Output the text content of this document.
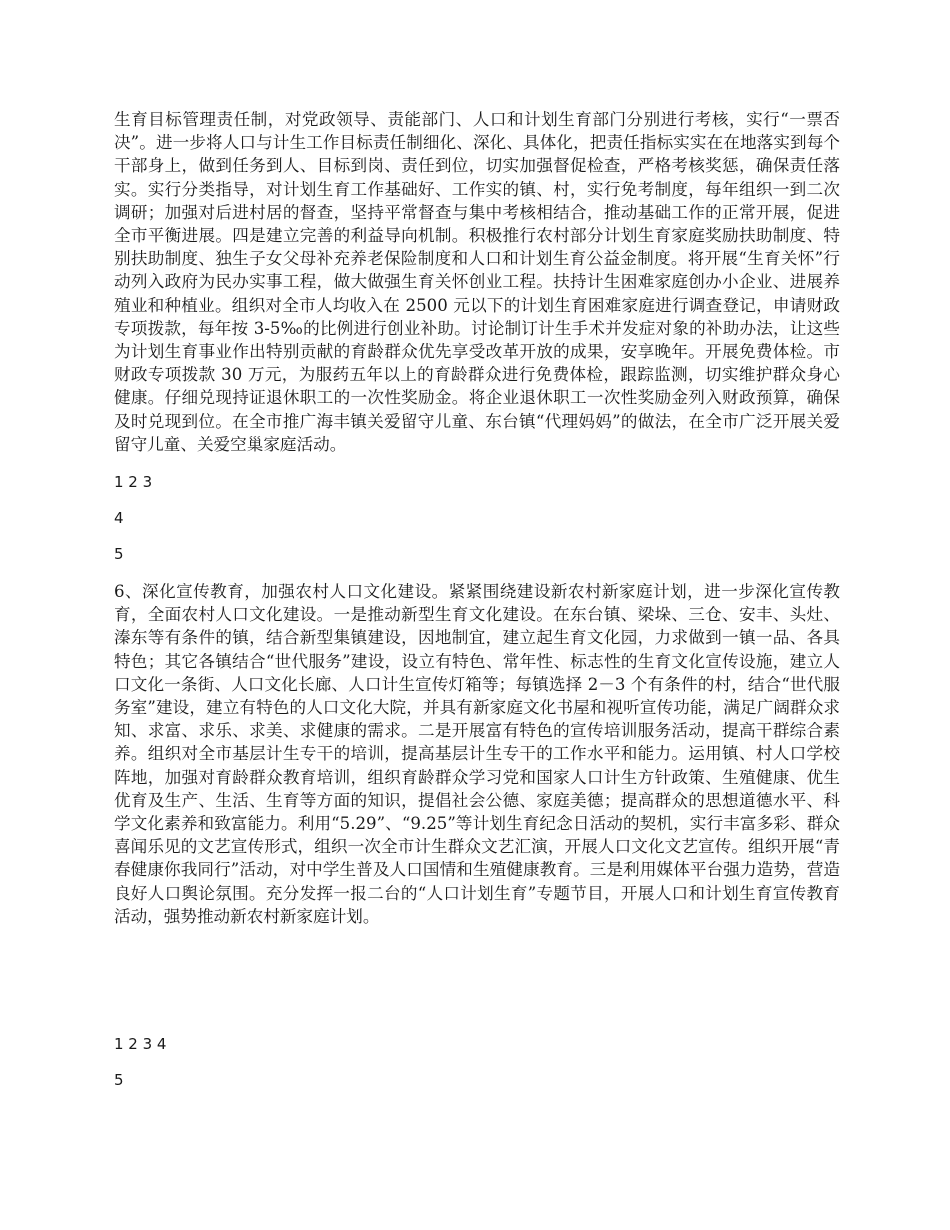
生育目标管理责任制，对党政领导、责能部门、人口和计划生育部门分别进行考核，实行“一票否决”。进一步将人口与计生工作目标责任制细化、深化、具体化，把责任指标实实在在地落实到每个干部身上，做到任务到人、目标到岗、责任到位，切实加强督促检查，严格考核奖惩，确保责任落实。实行分类指导，对计划生育工作基础好、工作实的镇、村，实行免考制度，每年组织一到二次调研；加强对后进村居的督查，坚持平常督查与集中考核相结合，推动基础工作的正常开展，促进全市平衡进展。四是建立完善的利益导向机制。积极推行农村部分计划生育家庭奖励扶助制度、特别扶助制度、独生子女父母补充养老保险制度和人口和计划生育公益金制度。将开展“生育关怀”行动列入政府为民办实事工程，做大做强生育关怀创业工程。扶持计生困难家庭创办小企业、进展养殖业和种植业。组织对全市人均收入在 2500 元以下的计划生育困难家庭进行调查登记，申请财政专项拨款，每年按 3-5‰的比例进行创业补助。讨论制订计生手术并发症对象的补助办法，让这些为计划生育事业作出特别贡献的育龄群众优先享受改革开放的成果，安享晚年。开展免费体检。市财政专项拨款 30 万元，为服药五年以上的育龄群众进行免费体检，跟踪监测，切实维护群众身心健康。仔细兑现持证退休职工的一次性奖励金。将企业退休职工一次性奖励金列入财政预算，确保及时兑现到位。在全市推广海丰镇关爱留守儿童、东台镇“代理妈妈”的做法，在全市广泛开展关爱留守儿童、关爱空巢家庭活动。

1 2 3

4

5

6、深化宣传教育，加强农村人口文化建设。紧紧围绕建设新农村新家庭计划，进一步深化宣传教育，全面农村人口文化建设。一是推动新型生育文化建设。在东台镇、梁垛、三仓、安丰、头灶、溱东等有条件的镇，结合新型集镇建设，因地制宜，建立起生育文化园，力求做到一镇一品、各具特色；其它各镇结合“世代服务”建设，设立有特色、常年性、标志性的生育文化宣传设施，建立人口文化一条街、人口文化长廊、人口计生宣传灯箱等；每镇选择 2－3 个有条件的村，结合“世代服务室”建设，建立有特色的人口文化大院，并具有新家庭文化书屋和视听宣传功能，满足广阔群众求知、求富、求乐、求美、求健康的需求。二是开展富有特色的宣传培训服务活动，提高干群综合素养。组织对全市基层计生专干的培训，提高基层计生专干的工作水平和能力。运用镇、村人口学校阵地，加强对育龄群众教育培训，组织育龄群众学习党和国家人口计生方针政策、生殖健康、优生优育及生产、生活、生育等方面的知识，提倡社会公德、家庭美德；提高群众的思想道德水平、科学文化素养和致富能力。利用“5.29”、“9.25”等计划生育纪念日活动的契机，实行丰富多彩、群众喜闻乐见的文艺宣传形式，组织一次全市计生群众文艺汇演，开展人口文化文艺宣传。组织开展“青春健康你我同行”活动，对中学生普及人口国情和生殖健康教育。三是利用媒体平台强力造势，营造良好人口舆论氛围。充分发挥一报二台的“人口计划生育”专题节目，开展人口和计划生育宣传教育活动，强势推动新农村新家庭计划。

1 2 3 4

5
